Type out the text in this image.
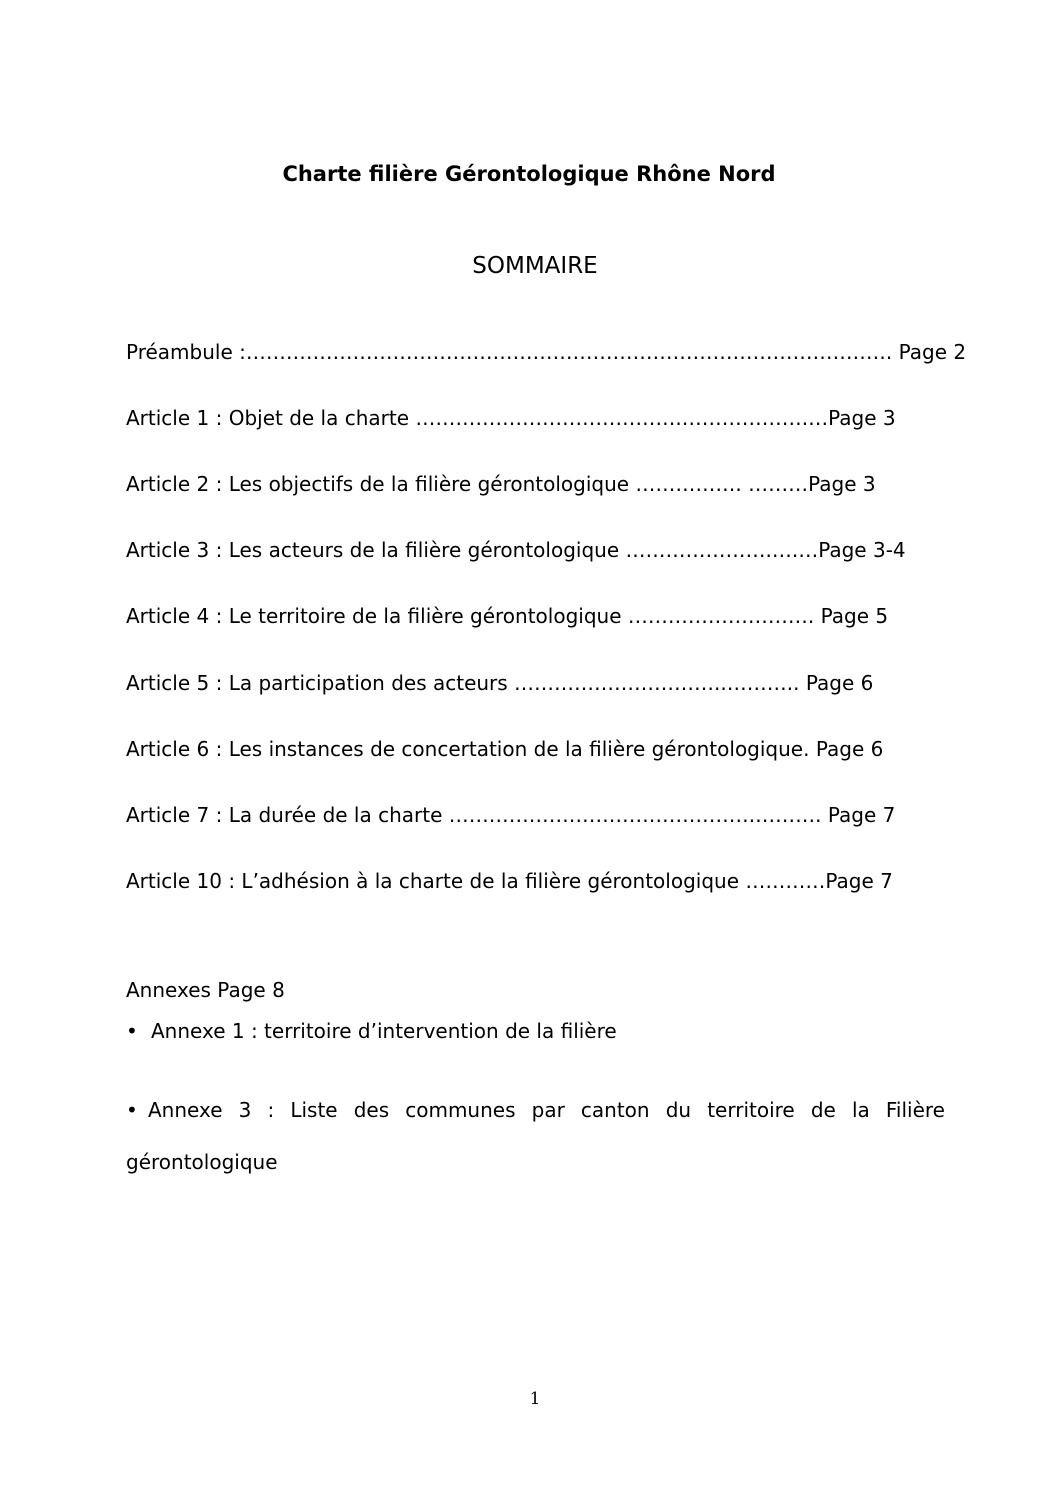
Charte filière Gérontologique Rhône Nord
SOMMAIRE
Préambule :……………………………………………………………………………………. Page 2
Article 1 : Objet de la charte ………………………………….……………….…Page 3
Article 2 : Les objectifs de la filière gérontologique ……………. ………Page 3
Article 3 : Les acteurs de la filière gérontologique ………………….….…Page 3-4
Article 4 : Le territoire de la filière gérontologique ………………………. Page 5
Article 5 : La participation des acteurs …………………………..……….. Page 6
Article 6 : Les instances de concertation de la filière gérontologique. Page 6
Article 7 : La durée de la charte ……………………………………….………. Page 7
Article 10 : L’adhésion à la charte de la filière gérontologique …………Page 7
Annexes Page 8
• Annexe 1 : territoire d’intervention de la filière
• Annexe 3 : Liste des communes par canton du territoire de la Filière gérontologique
1
